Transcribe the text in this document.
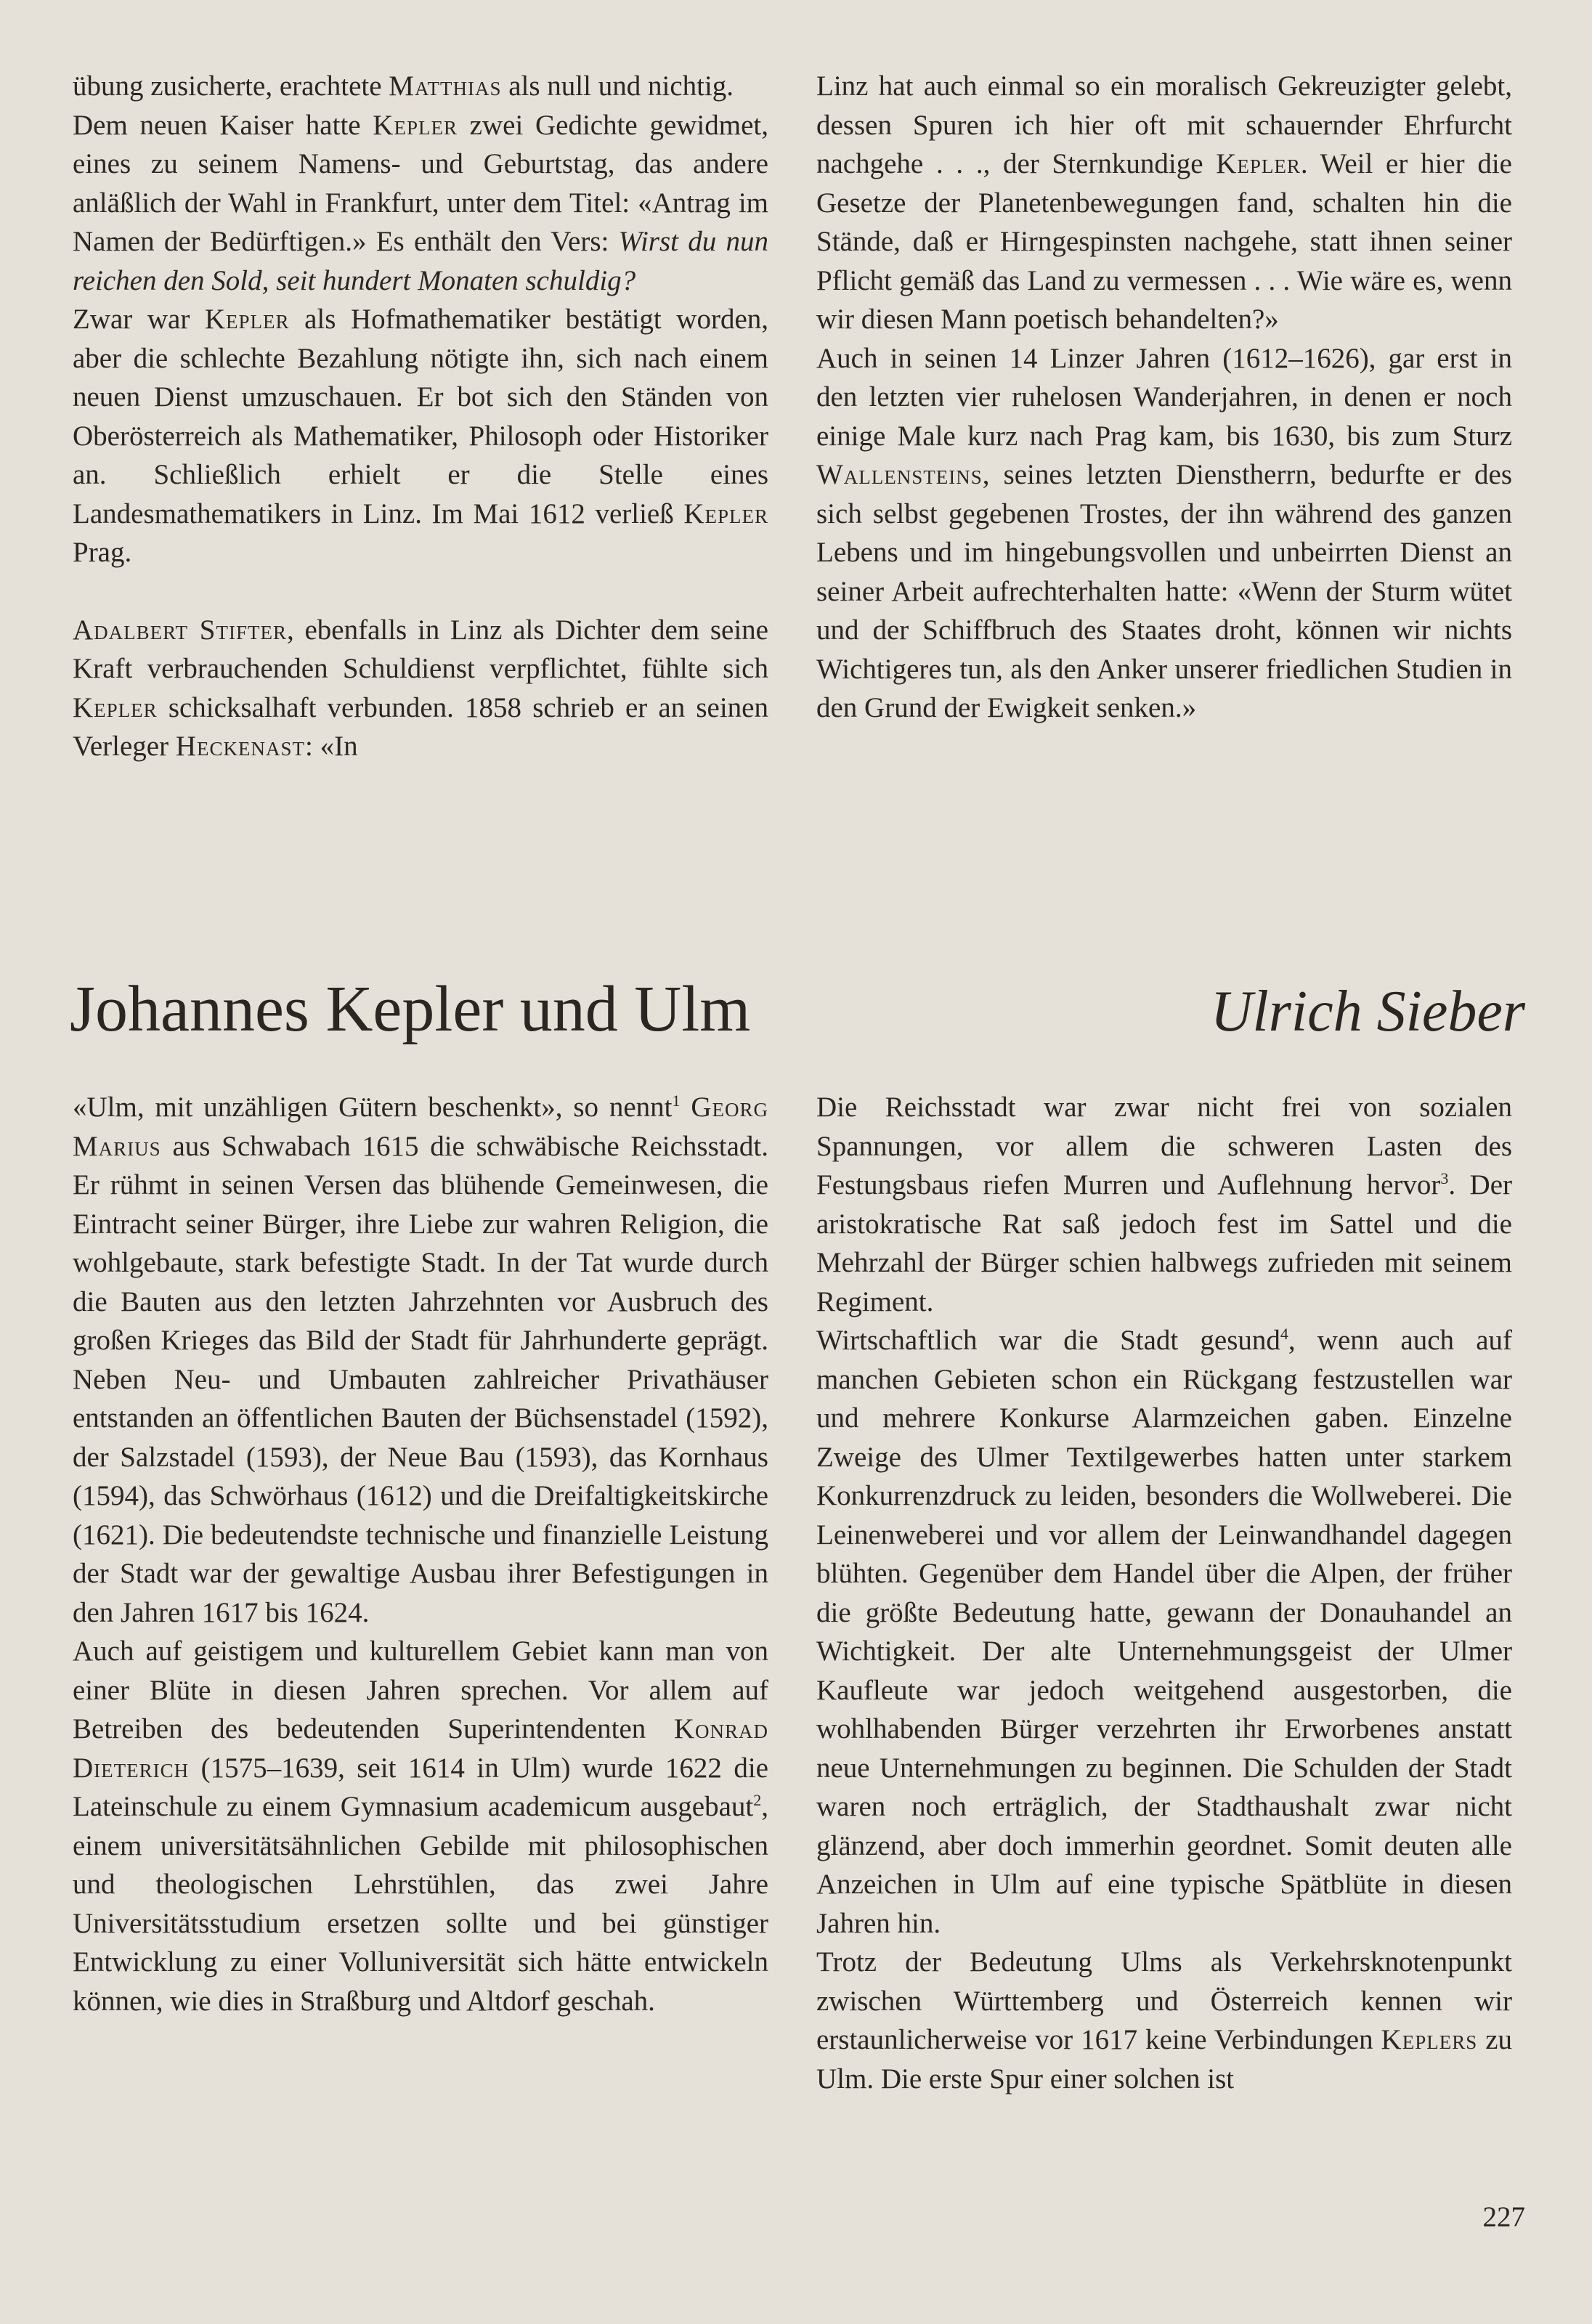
übung zusicherte, erachtete Matthias als null und nichtig.

Dem neuen Kaiser hatte Kepler zwei Gedichte gewidmet, eines zu seinem Namens- und Geburtstag, das andere anläßlich der Wahl in Frankfurt, unter dem Titel: «Antrag im Namen der Bedürftigen.» Es enthält den Vers: Wirst du nun reichen den Sold, seit hundert Monaten schuldig?

Zwar war Kepler als Hofmathematiker bestätigt worden, aber die schlechte Bezahlung nötigte ihn, sich nach einem neuen Dienst umzuschauen. Er bot sich den Ständen von Oberösterreich als Mathematiker, Philosoph oder Historiker an. Schließlich erhielt er die Stelle eines Landesmathematikers in Linz. Im Mai 1612 verließ Kepler Prag.

Adalbert Stifter, ebenfalls in Linz als Dichter dem seine Kraft verbrauchenden Schuldienst verpflichtet, fühlte sich Kepler schicksalhaft verbunden. 1858 schrieb er an seinen Verleger Heckenast: «In

Linz hat auch einmal so ein moralisch Gekreuzigter gelebt, dessen Spuren ich hier oft mit schauernder Ehrfurcht nachgehe . . ., der Sternkundige Kepler. Weil er hier die Gesetze der Planetenbewegungen fand, schalten hin die Stände, daß er Hirngespinsten nachgehe, statt ihnen seiner Pflicht gemäß das Land zu vermessen . . . Wie wäre es, wenn wir diesen Mann poetisch behandelten?»

Auch in seinen 14 Linzer Jahren (1612–1626), gar erst in den letzten vier ruhelosen Wanderjahren, in denen er noch einige Male kurz nach Prag kam, bis 1630, bis zum Sturz Wallensteins, seines letzten Dienstherrn, bedurfte er des sich selbst gegebenen Trostes, der ihn während des ganzen Lebens und im hingebungsvollen und unbeirrten Dienst an seiner Arbeit aufrechterhalten hatte: «Wenn der Sturm wütet und der Schiffbruch des Staates droht, können wir nichts Wichtigeres tun, als den Anker unserer friedlichen Studien in den Grund der Ewigkeit senken.»

Johannes Kepler und Ulm	Ulrich Sieber

«Ulm, mit unzähligen Gütern beschenkt», so nennt$^1$ Georg Marius aus Schwabach 1615 die schwäbische Reichsstadt. Er rühmt in seinen Versen das blühende Gemeinwesen, die Eintracht seiner Bürger, ihre Liebe zur wahren Religion, die wohlgebaute, stark befestigte Stadt. In der Tat wurde durch die Bauten aus den letzten Jahrzehnten vor Ausbruch des großen Krieges das Bild der Stadt für Jahrhunderte geprägt. Neben Neu- und Umbauten zahlreicher Privathäuser entstanden an öffentlichen Bauten der Büchsenstadel (1592), der Salzstadel (1593), der Neue Bau (1593), das Kornhaus (1594), das Schwörhaus (1612) und die Dreifaltigkeitskirche (1621). Die bedeutendste technische und finanzielle Leistung der Stadt war der gewaltige Ausbau ihrer Befestigungen in den Jahren 1617 bis 1624.

Auch auf geistigem und kulturellem Gebiet kann man von einer Blüte in diesen Jahren sprechen. Vor allem auf Betreiben des bedeutenden Superintendenten Konrad Dieterich (1575–1639, seit 1614 in Ulm) wurde 1622 die Lateinschule zu einem Gymnasium academicum ausgebaut$^2$, einem universitätsähnlichen Gebilde mit philosophischen und theologischen Lehrstühlen, das zwei Jahre Universitätsstudium ersetzen sollte und bei günstiger Entwicklung zu einer Volluniversität sich hätte entwickeln können, wie dies in Straßburg und Altdorf geschah.

Die Reichsstadt war zwar nicht frei von sozialen Spannungen, vor allem die schweren Lasten des Festungsbaus riefen Murren und Auflehnung hervor$^3$. Der aristokratische Rat saß jedoch fest im Sattel und die Mehrzahl der Bürger schien halbwegs zufrieden mit seinem Regiment.

Wirtschaftlich war die Stadt gesund$^4$, wenn auch auf manchen Gebieten schon ein Rückgang festzustellen war und mehrere Konkurse Alarmzeichen gaben. Einzelne Zweige des Ulmer Textilgewerbes hatten unter starkem Konkurrenzdruck zu leiden, besonders die Wollweberei. Die Leinenweberei und vor allem der Leinwandhandel dagegen blühten. Gegenüber dem Handel über die Alpen, der früher die größte Bedeutung hatte, gewann der Donauhandel an Wichtigkeit. Der alte Unternehmungsgeist der Ulmer Kaufleute war jedoch weitgehend ausgestorben, die wohlhabenden Bürger verzehrten ihr Erworbenes anstatt neue Unternehmungen zu beginnen. Die Schulden der Stadt waren noch erträglich, der Stadthaushalt zwar nicht glänzend, aber doch immerhin geordnet. Somit deuten alle Anzeichen in Ulm auf eine typische Spätblüte in diesen Jahren hin.

Trotz der Bedeutung Ulms als Verkehrsknotenpunkt zwischen Württemberg und Österreich kennen wir erstaunlicherweise vor 1617 keine Verbindungen Keplers zu Ulm. Die erste Spur einer solchen ist

227
